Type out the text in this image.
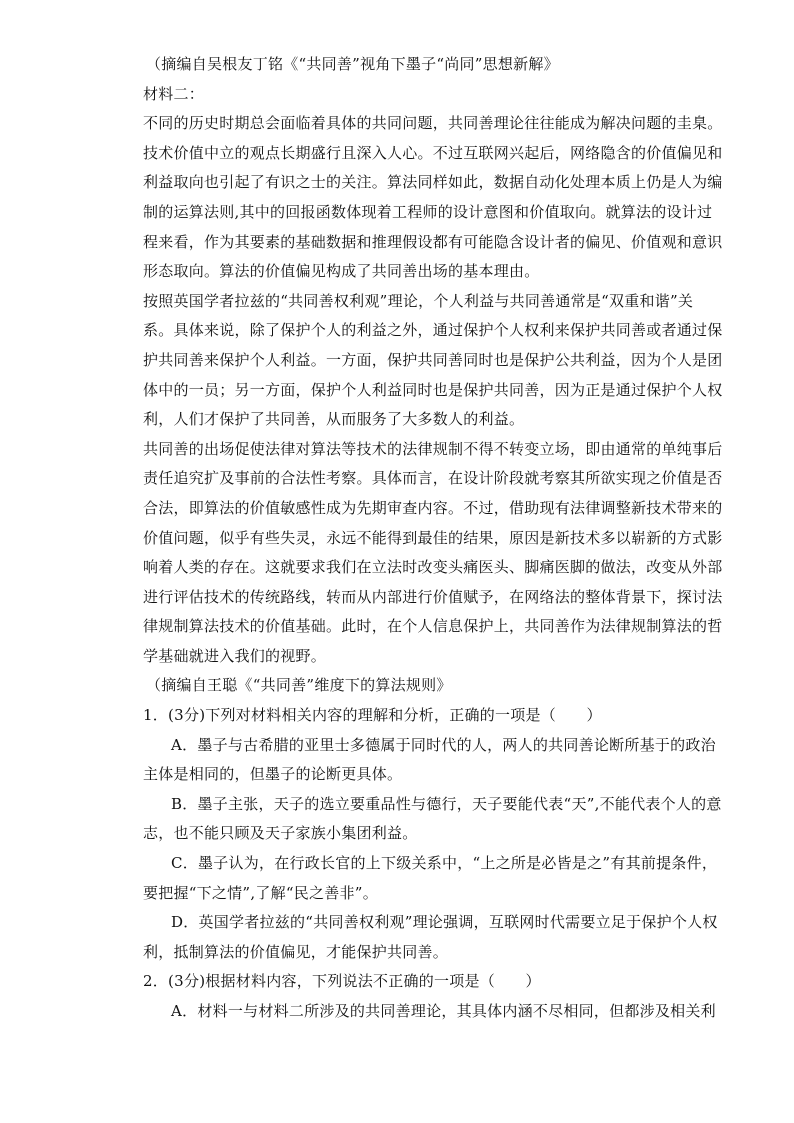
（摘编自吴根友丁铭《“共同善”视角下墨子“尚同”思想新解》
材料二：
不同的历史时期总会面临着具体的共同问题，共同善理论往往能成为解决问题的圭臬。
技术价值中立的观点长期盛行且深入人心。不过互联网兴起后，网络隐含的价值偏见和
利益取向也引起了有识之士的关注。算法同样如此，数据自动化处理本质上仍是人为编
制的运算法则,其中的回报函数体现着工程师的设计意图和价值取向。就算法的设计过
程来看，作为其要素的基础数据和推理假设都有可能隐含设计者的偏见、价值观和意识
形态取向。算法的价值偏见构成了共同善出场的基本理由。
按照英国学者拉兹的“共同善权利观”理论，个人利益与共同善通常是“双重和谐”关
系。具体来说，除了保护个人的利益之外，通过保护个人权利来保护共同善或者通过保
护共同善来保护个人利益。一方面，保护共同善同时也是保护公共利益，因为个人是团
体中的一员；另一方面，保护个人利益同时也是保护共同善，因为正是通过保护个人权
利，人们才保护了共同善，从而服务了大多数人的利益。
共同善的出场促使法律对算法等技术的法律规制不得不转变立场，即由通常的单纯事后
责任追究扩及事前的合法性考察。具体而言，在设计阶段就考察其所欲实现之价值是否
合法，即算法的价值敏感性成为先期审查内容。不过，借助现有法律调整新技术带来的
价值问题，似乎有些失灵，永远不能得到最佳的结果，原因是新技术多以崭新的方式影
响着人类的存在。这就要求我们在立法时改变头痛医头、脚痛医脚的做法，改变从外部
进行评估技术的传统路线，转而从内部进行价值赋予，在网络法的整体背景下，探讨法
律规制算法技术的价值基础。此时，在个人信息保护上，共同善作为法律规制算法的哲
学基础就进入我们的视野。
（摘编自王聪《“共同善”维度下的算法规则》
1．(3分)下列对材料相关内容的理解和分析，正确的一项是（　　）
A．墨子与古希腊的亚里士多德属于同时代的人，两人的共同善论断所基于的政治
主体是相同的，但墨子的论断更具体。
B．墨子主张，天子的选立要重品性与德行，天子要能代表“天”,不能代表个人的意
志，也不能只顾及天子家族小集团利益。
C．墨子认为，在行政长官的上下级关系中，“上之所是必皆是之”有其前提条件，
要把握“下之情”,了解“民之善非”。
D．英国学者拉兹的“共同善权利观”理论强调，互联网时代需要立足于保护个人权
利，抵制算法的价值偏见，才能保护共同善。
2．(3分)根据材料内容，下列说法不正确的一项是（　　）
A．材料一与材料二所涉及的共同善理论，其具体内涵不尽相同，但都涉及相关利
